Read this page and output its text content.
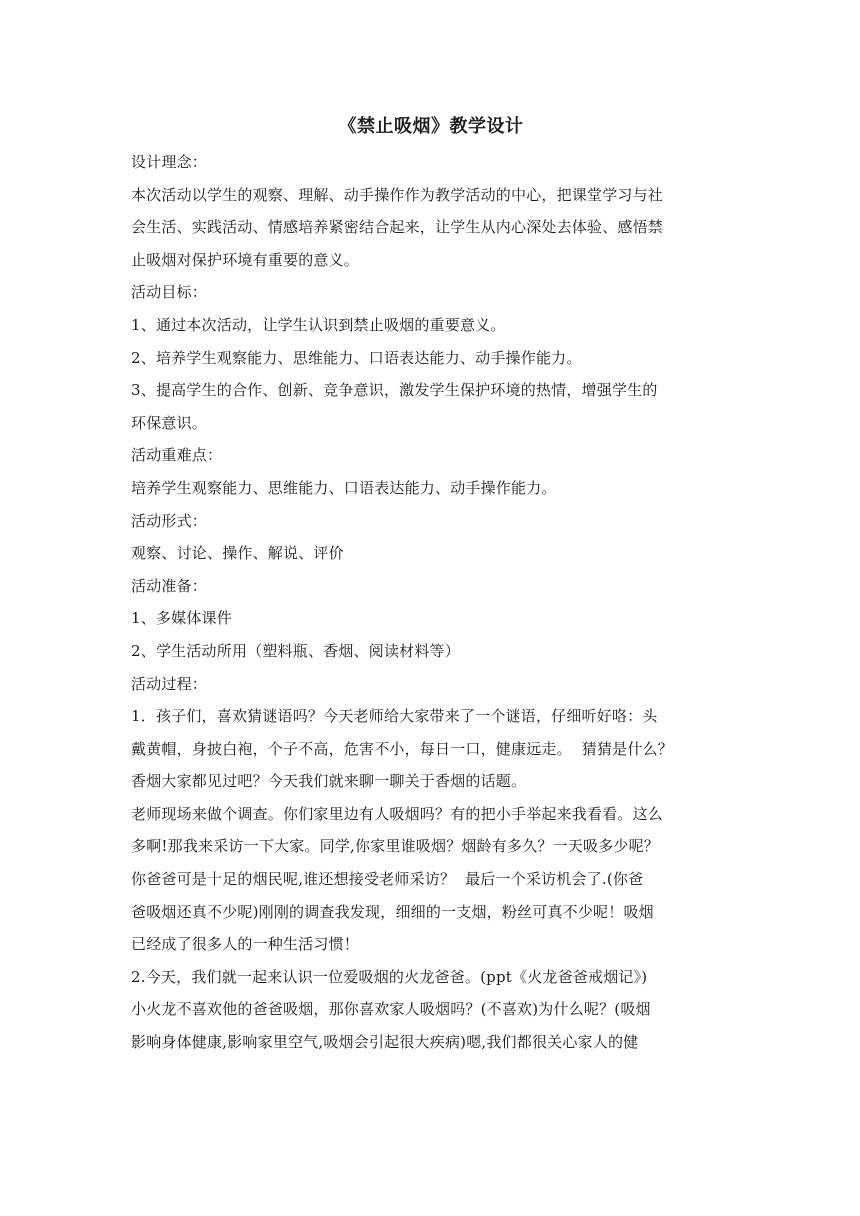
《禁止吸烟》教学设计

设计理念：

本次活动以学生的观察、理解、动手操作作为教学活动的中心，把课堂学习与社

会生活、实践活动、情感培养紧密结合起来，让学生从内心深处去体验、感悟禁

止吸烟对保护环境有重要的意义。

活动目标：

1、通过本次活动，让学生认识到禁止吸烟的重要意义。

2、培养学生观察能力、思维能力、口语表达能力、动手操作能力。

3、提高学生的合作、创新、竞争意识，激发学生保护环境的热情，增强学生的

环保意识。

活动重难点：

培养学生观察能力、思维能力、口语表达能力、动手操作能力。

活动形式：

观察、讨论、操作、解说、评价

活动准备：

1、多媒体课件

2、学生活动所用（塑料瓶、香烟、阅读材料等）

活动过程：

1．孩子们，喜欢猜谜语吗？今天老师给大家带来了一个谜语，仔细听好咯：头

戴黄帽，身披白袍，个子不高，危害不小，每日一口，健康远走。  猜猜是什么？

香烟大家都见过吧？今天我们就来聊一聊关于香烟的话题。

老师现场来做个调查。你们家里边有人吸烟吗？有的把小手举起来我看看。这么

多啊!那我来采访一下大家。同学,你家里谁吸烟？烟龄有多久？一天吸多少呢？

你爸爸可是十足的烟民呢,谁还想接受老师采访？  最后一个采访机会了.(你爸

爸吸烟还真不少呢)刚刚的调查我发现，细细的一支烟，粉丝可真不少呢！吸烟

已经成了很多人的一种生活习惯！

2.今天，我们就一起来认识一位爱吸烟的火龙爸爸。(ppt《火龙爸爸戒烟记》)

小火龙不喜欢他的爸爸吸烟，那你喜欢家人吸烟吗？(不喜欢)为什么呢？(吸烟

影响身体健康,影响家里空气,吸烟会引起很大疾病)嗯,我们都很关心家人的健
